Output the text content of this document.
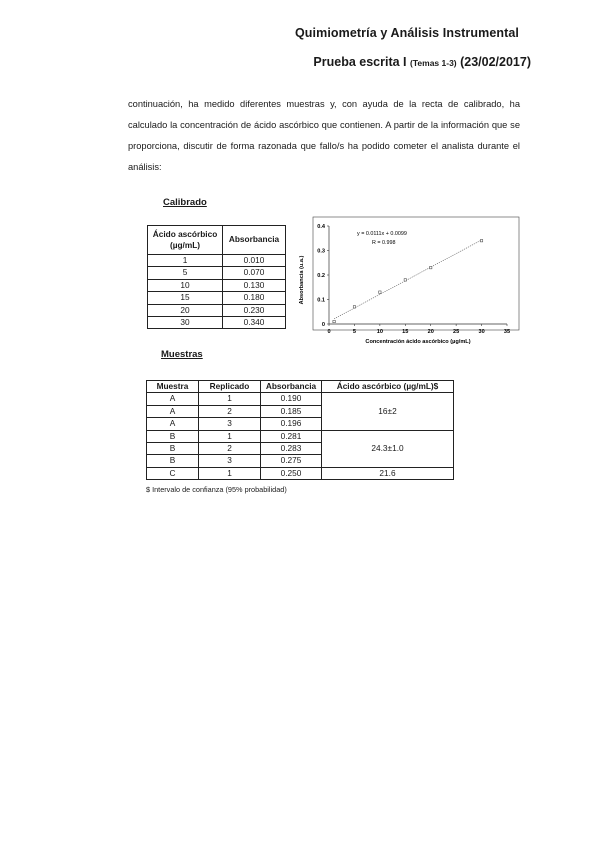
Quimiometría y Análisis Instrumental
Prueba escrita I (Temas 1-3) (23/02/2017)

continuación, ha medido diferentes muestras y, con ayuda de la recta de calibrado, ha calculado la concentración de ácido ascórbico que contienen. A partir de la información que se proporciona, discutir de forma razonada que fallo/s ha podido cometer el analista durante el análisis:

Calibrado
Ácido ascórbico
(µg/mL)	Absorbancia
1	0.010
5	0.070
10	0.130
15	0.180
20	0.230
30	0.340
0	5	10	15	20	25	30	35
0
0.1
0.2
0.3
0.4
y = 0.0111x + 0.0099
R = 0.998
Concentración ácido ascórbico (µg/mL)
Absorbancia (u.a.)
Muestras
Muestra	Replicado	Absorbancia	Ácido ascórbico (µg/mL)$
A	1	0.190	16±2
A	2	0.185	
A	3	0.196	
B	1	0.281	24.3±1.0
B	2	0.283	
B	3	0.275	
C	1	0.250	21.6
$ Intervalo de confianza (95% probabilidad)
